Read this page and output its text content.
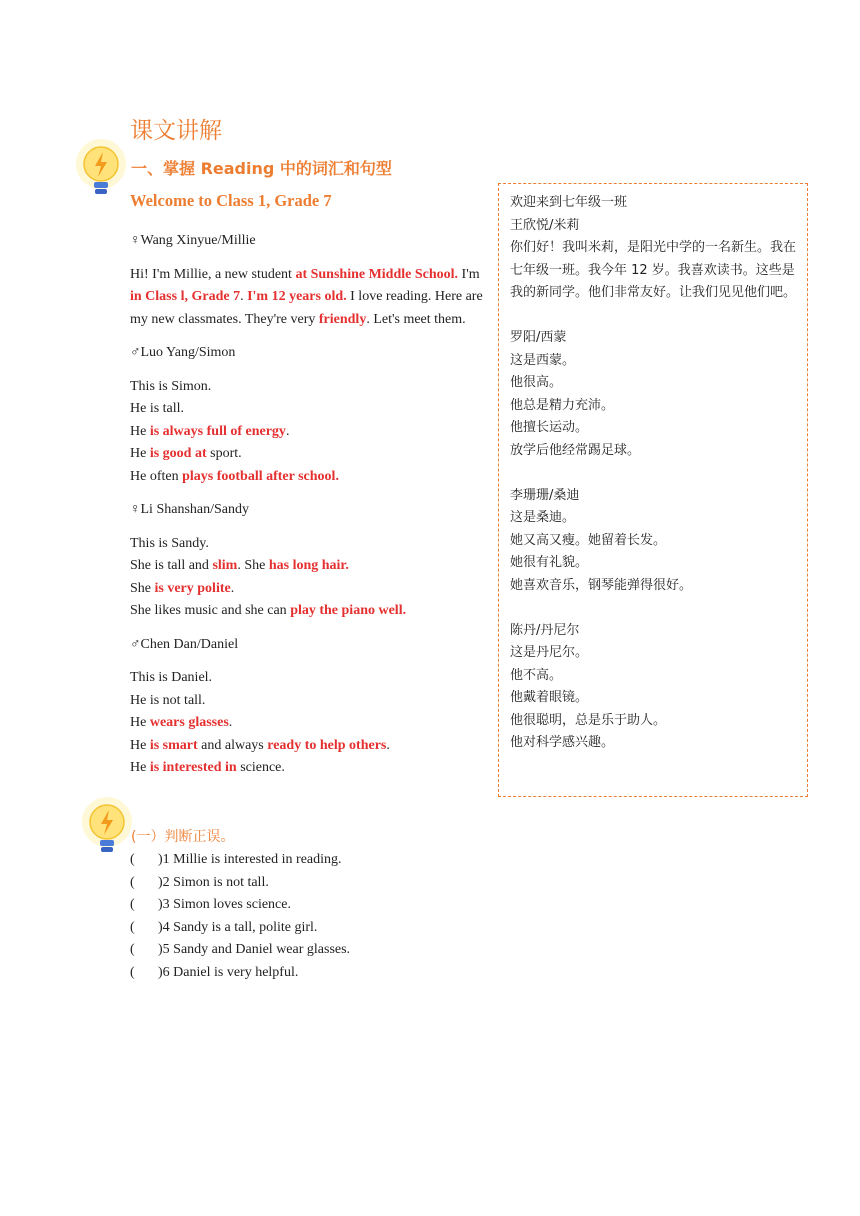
课文讲解
一、掌握 Reading 中的词汇和句型
Welcome to Class 1, Grade 7

♀Wang Xinyue/Millie

Hi! I'm Millie, a new student at Sunshine Middle School. I'm in Class l, Grade 7. I'm 12 years old. I love reading. Here are my new classmates. They're very friendly. Let's meet them.

♂Luo Yang/Simon

This is Simon.

He is tall.

He is always full of energy.

He is good at sport.

He often plays football after school.

♀Li Shanshan/Sandy

This is Sandy.

She is tall and slim. She has long hair.

She is very polite.

She likes music and she can play the piano well.

♂Chen Dan/Daniel

This is Daniel.

He is not tall.

He wears glasses.

He is smart and always ready to help others.

He is interested in science.

欢迎来到七年级一班

王欣悦/米莉

你们好！我叫米莉，是阳光中学的一名新生。我在七年级一班。我今年 12 岁。我喜欢读书。这些是我的新同学。他们非常友好。让我们见见他们吧。

罗阳/西蒙

这是西蒙。

他很高。

他总是精力充沛。

他擅长运动。

放学后他经常踢足球。

李珊珊/桑迪

这是桑迪。

她又高又瘦。她留着长发。

她很有礼貌。

她喜欢音乐，钢琴能弹得很好。

陈丹/丹尼尔

这是丹尼尔。

他不高。

他戴着眼镜。

他很聪明，总是乐于助人。

他对科学感兴趣。

(一）判断正误。
( )1 Millie is interested in reading.
( )2 Simon is not tall.
( )3 Simon loves science.
( )4 Sandy is a tall, polite girl.
( )5 Sandy and Daniel wear glasses.
( )6 Daniel is very helpful.
